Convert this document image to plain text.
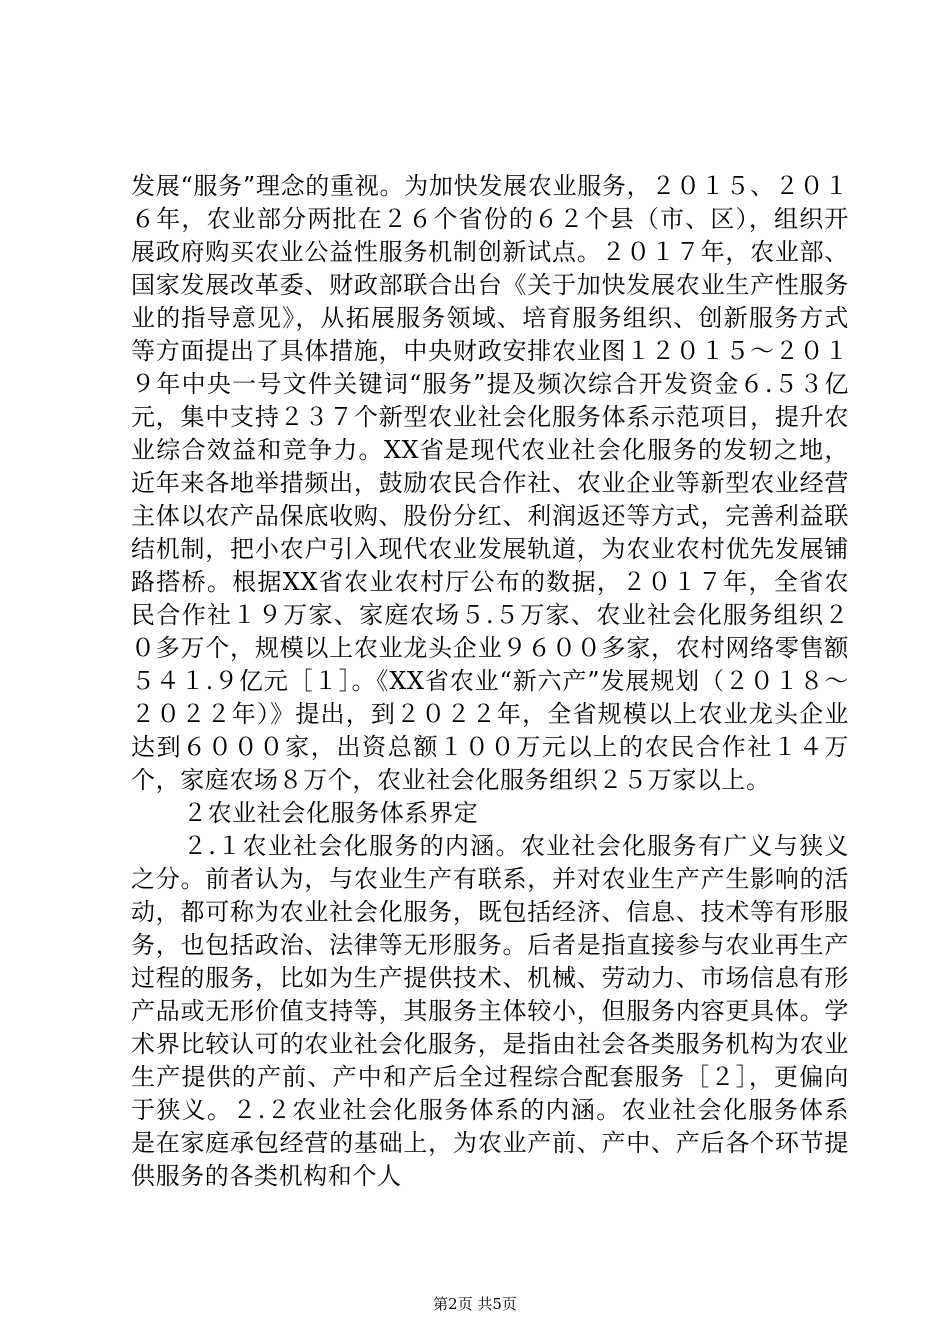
发展“服务”理念的重视。为加快发展农业服务，２０１５、２０１６年，农业部分两批在２６个省份的６２个县（市、区），组织开展政府购买农业公益性服务机制创新试点。２０１７年，农业部、国家发展改革委、财政部联合出台《关于加快发展农业生产性服务业的指导意见》，从拓展服务领域、培育服务组织、创新服务方式等方面提出了具体措施，中央财政安排农业图１２０１５～２０１９年中央一号文件关键词“服务”提及频次综合开发资金６.５３亿元，集中支持２３７个新型农业社会化服务体系示范项目，提升农业综合效益和竞争力。XX省是现代农业社会化服务的发轫之地，近年来各地举措频出，鼓励农民合作社、农业企业等新型农业经营主体以农产品保底收购、股份分红、利润返还等方式，完善利益联结机制，把小农户引入现代农业发展轨道，为农业农村优先发展铺路搭桥。根据XX省农业农村厅公布的数据，２０１７年，全省农民合作社１９万家、家庭农场５.５万家、农业社会化服务组织２０多万个，规模以上农业龙头企业９６００多家，农村网络零售额５４１.９亿元［１］。《XX省农业“新六产”发展规划（２０１８～２０２２年）》提出，到２０２２年，全省规模以上农业龙头企业达到６０００家，出资总额１００万元以上的农民合作社１４万个，家庭农场８万个，农业社会化服务组织２５万家以上。

２农业社会化服务体系界定

２.１农业社会化服务的内涵。农业社会化服务有广义与狭义之分。前者认为，与农业生产有联系，并对农业生产产生影响的活动，都可称为农业社会化服务，既包括经济、信息、技术等有形服务，也包括政治、法律等无形服务。后者是指直接参与农业再生产过程的服务，比如为生产提供技术、机械、劳动力、市场信息有形产品或无形价值支持等，其服务主体较小，但服务内容更具体。学术界比较认可的农业社会化服务，是指由社会各类服务机构为农业生产提供的产前、产中和产后全过程综合配套服务［２］，更偏向于狭义。２.２农业社会化服务体系的内涵。农业社会化服务体系是在家庭承包经营的基础上，为农业产前、产中、产后各个环节提供服务的各类机构和个人

第2页 共5页
